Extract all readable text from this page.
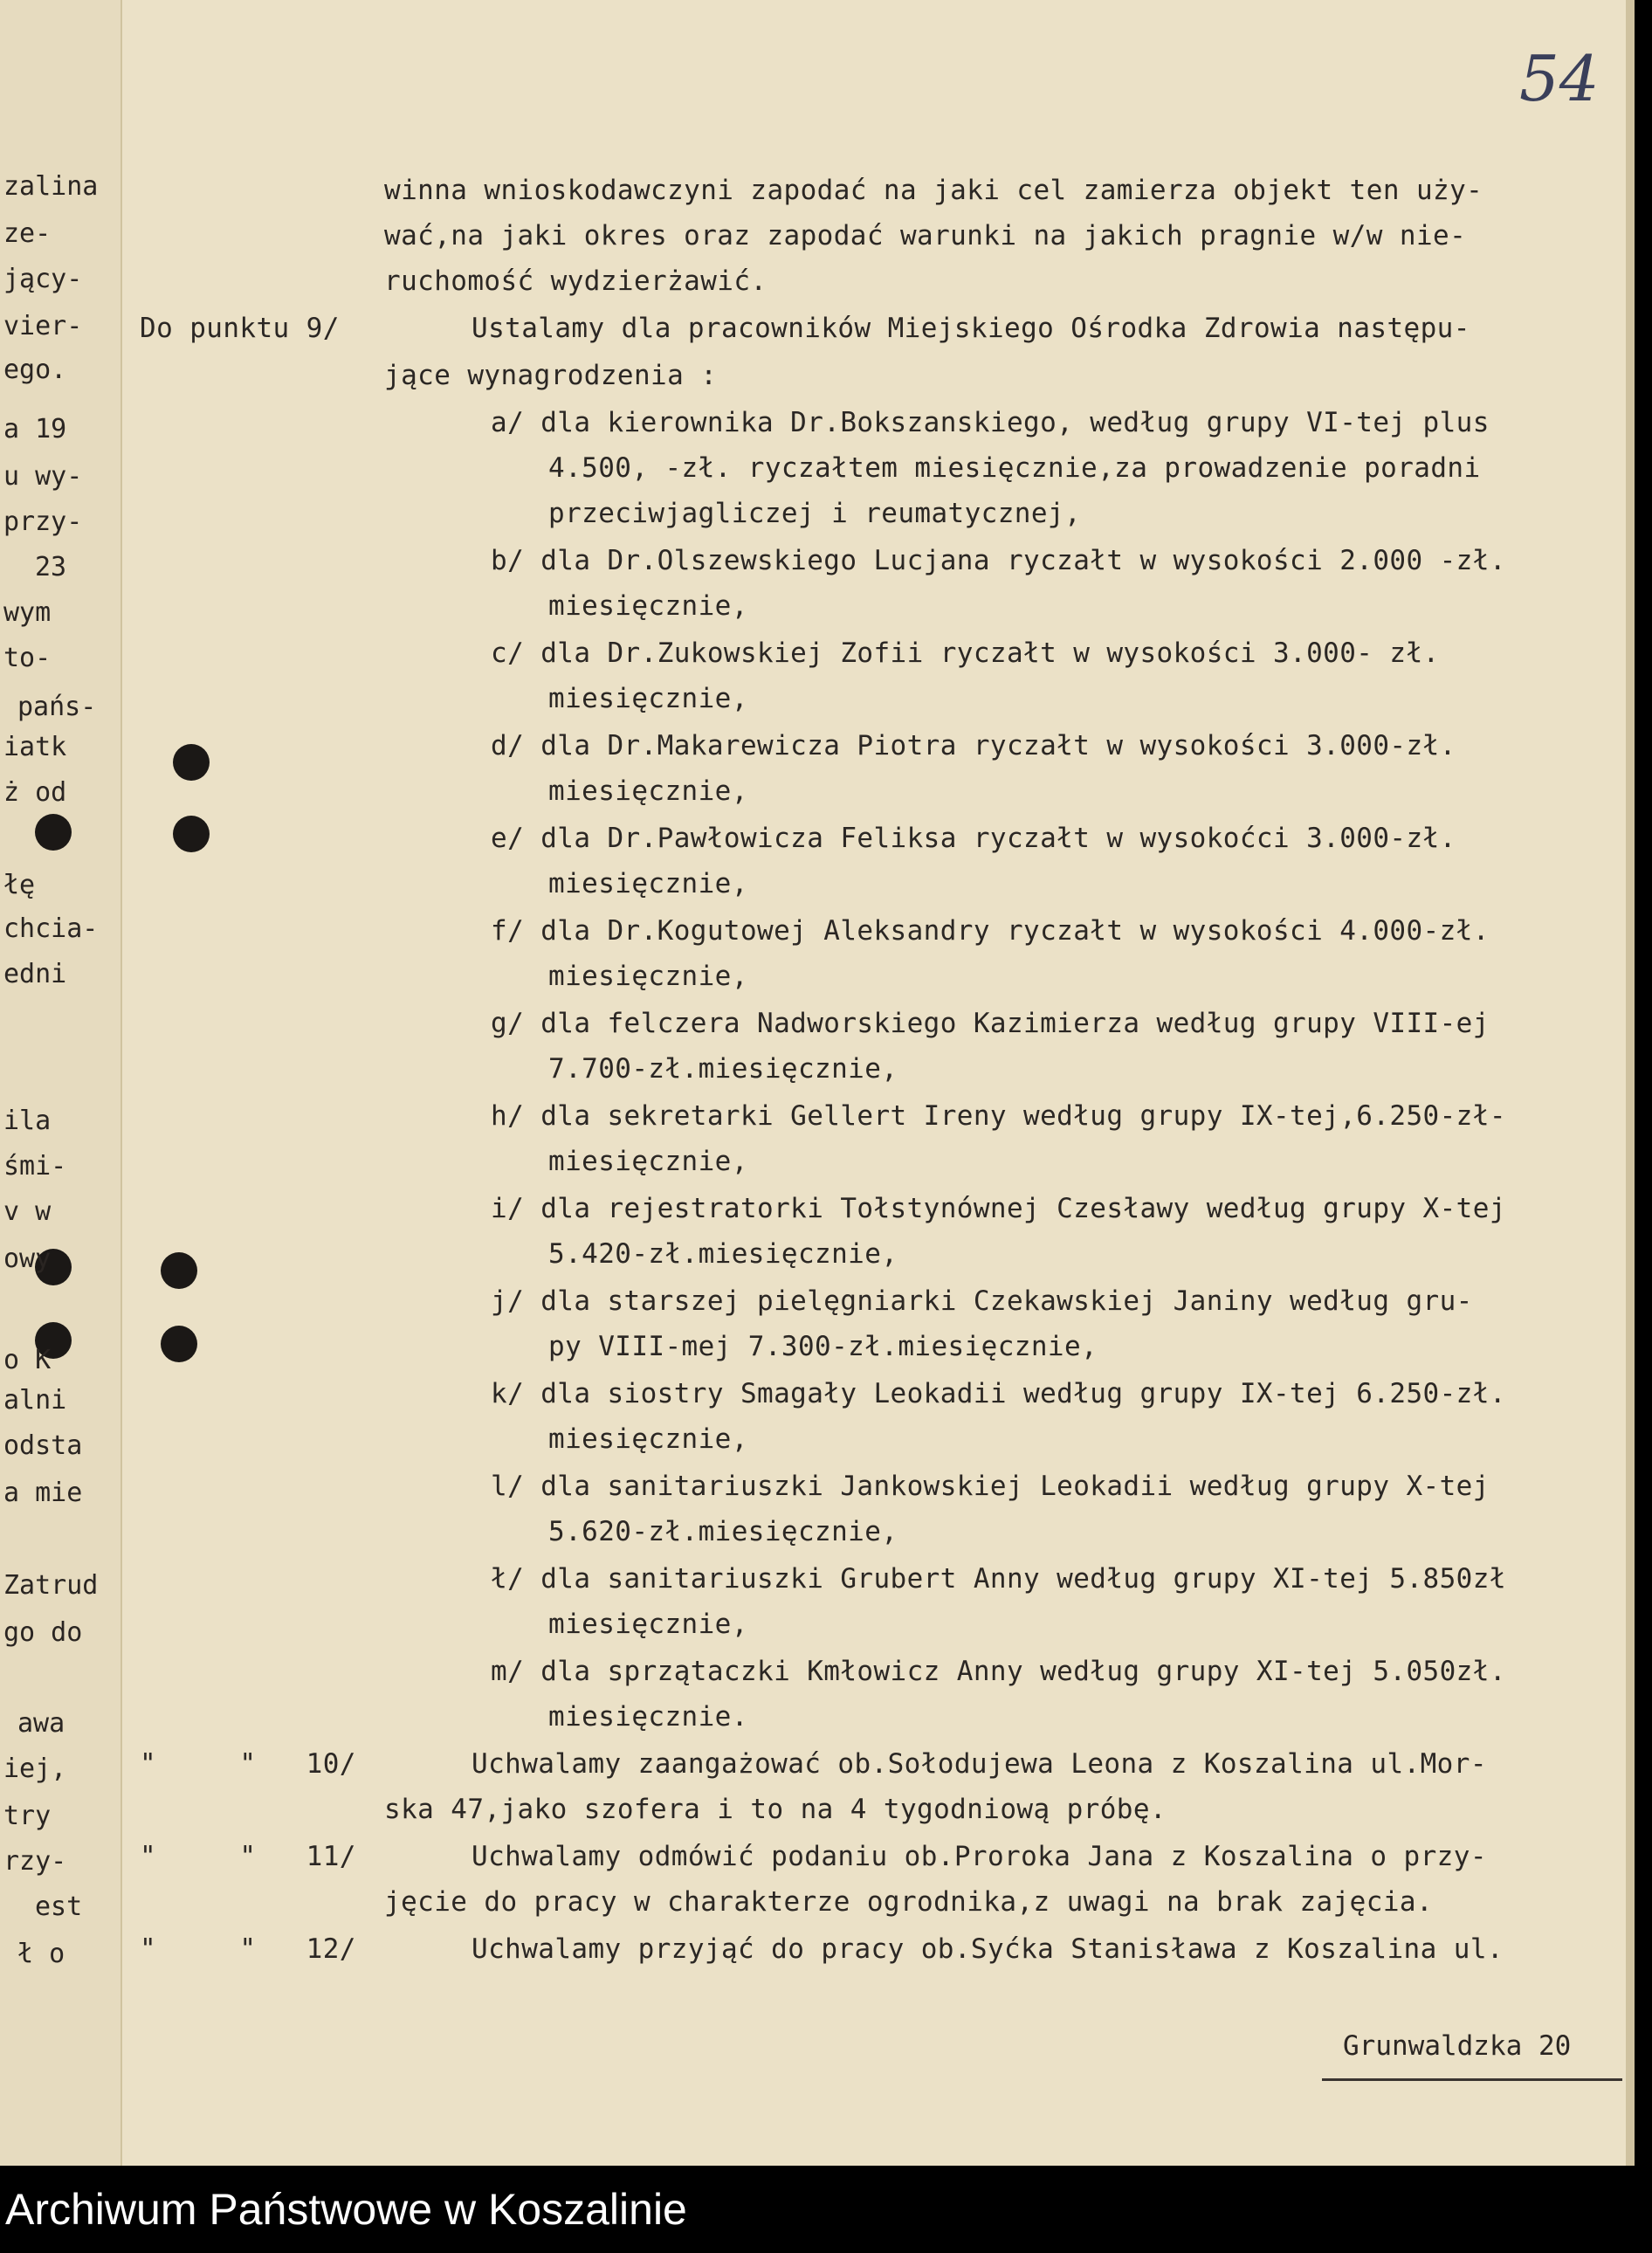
54
zalina
ze-
jący-
vier-
ego.
a 19
u wy-
przy-
23
wym
to-
pańs-
iatk
ż od
łę
chcia-
edni
ila
śmi-
v w
owy
o K
alni
odsta
a mie
Zatrud
go do
awa
iej,
try
rzy-
est
ł o
winna wnioskodawczyni zapodać na jaki cel zamierza objekt ten uży-
wać,na jaki okres oraz zapodać warunki na jakich pragnie w/w nie-
ruchomość wydzierżawić.
Do punktu 9/	Ustalamy dla pracowników Miejskiego Ośrodka Zdrowia następu-
jące wynagrodzenia :
a/ dla kierownika Dr.Bokszanskiego, według grupy VI-tej plus
4.500, -zł. ryczałtem miesięcznie,za prowadzenie poradni
przeciwjagliczej i reumatycznej,
b/ dla Dr.Olszewskiego Lucjana ryczałt w wysokości 2.000 -zł.
miesięcznie,
c/ dla Dr.Zukowskiej Zofii ryczałt w wysokości 3.000- zł.
miesięcznie,
d/ dla Dr.Makarewicza Piotra ryczałt w wysokości 3.000-zł.
miesięcznie,
e/ dla Dr.Pawłowicza Feliksa ryczałt w wysokoćci 3.000-zł.
miesięcznie,
f/ dla Dr.Kogutowej Aleksandry ryczałt w wysokości 4.000-zł.
miesięcznie,
g/ dla felczera Nadworskiego Kazimierza według grupy VIII-ej
7.700-zł.miesięcznie,
h/ dla sekretarki Gellert Ireny według grupy IX-tej,6.250-zł-
miesięcznie,
i/ dla rejestratorki Tołstynównej Czesławy według grupy X-tej
5.420-zł.miesięcznie,
j/ dla starszej pielęgniarki Czekawskiej Janiny według gru-
py VIII-mej 7.300-zł.miesięcznie,
k/ dla siostry Smagały Leokadii według grupy IX-tej 6.250-zł.
miesięcznie,
l/ dla sanitariuszki Jankowskiej Leokadii według grupy X-tej
5.620-zł.miesięcznie,
ł/ dla sanitariuszki Grubert Anny według grupy XI-tej 5.850zł
miesięcznie,
m/ dla sprzątaczki Kmłowicz Anny według grupy XI-tej 5.050zł.
miesięcznie.
"     "   10/	Uchwalamy zaangażować ob.Sołodujewa Leona z Koszalina ul.Mor-
ska 47,jako szofera i to na 4 tygodniową próbę.
"     "   11/	Uchwalamy odmówić podaniu ob.Proroka Jana z Koszalina o przy-
jęcie do pracy w charakterze ogrodnika,z uwagi na brak zajęcia.
"     "   12/	Uchwalamy przyjąć do pracy ob.Syćka Stanisława z Koszalina ul.
Grunwaldzka 20
Archiwum Państwowe w Koszalinie
